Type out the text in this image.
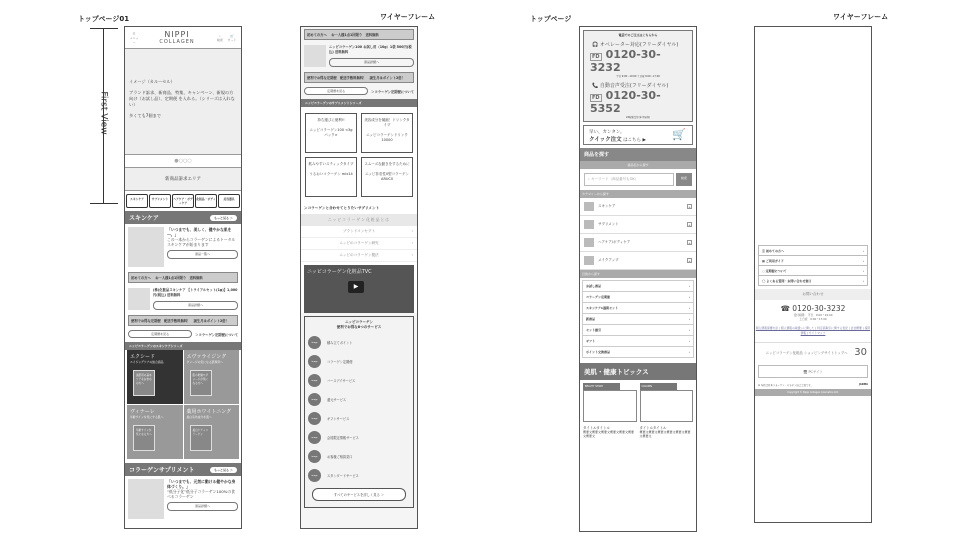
トップページ01	ワイヤーフレーム	トップページ	ワイヤーフレーム
First View
☰
メニュー
NIPPI
COLLAGEN
⌕
検索
🛒
カート

イメージ（カルーセル）

ブランド訴求、新商品、特集、キャンペーン、新規の方向け（お試し品）、定期便 を入れる。（シリーズは入れない）

多くても7個まで

●○○○
新商品訴求エリア
スキンケア	サプリメント	ヘアケア・ボディケア
化粧品・ボディ	美容器具
スキンケア	もっと見る ＞
「いつまでも、美しく、健やかな肌を一。」
この一本からコラーゲンによるトータルスキンケアが始まります
商品一覧へ
初めての方へ　 お一人様1点1回限り　送料無料
(株)化粧品スキンケア 【トライアルセット(1g)】1,000円(税込) 送料無料
商品詳細へ
便利でお得な定期便　配送手数料無料！　誕生月はポイント2倍！
定期便を見る	＞コラーゲン定期便について
ニッピコラーゲンのスキンケアシリーズ
エクシード
エイジングケアの総合商品
美肌用の基本ケアをお求めの方へ
エヴァライジング
ダメージの気になる肌専用へ
肌の乾燥やダメージが気になる方へ
ヴィナーレ
年齢サインを気にする肌へ
年齢サインが気になる方へ
薬用ホワイトニング
美白有効成分を肌へ
美白ケア＋コラーゲン
コラーゲンサプリメント	もっと見る ＞
「いつまでも、元気に動ける健やかな身体づくり。」
“低分子化”低分子コラーゲン100%の食べるコラーゲン
商品詳細へ
初めての方へ　 お一人様1点1回限り　送料無料
ニッピコラーゲン100 お試し用（10g）1袋 500円(税込) 送料無料
商品詳細へ
便利でお得な定期便　配送手数料無料！　誕生月はポイント2倍！
定期便を見る	＞コラーゲン定期便について
ニッピコラーゲンのサプリメントシリーズ
持ち運びに便利!!

ニッピコラーゲン100 <3gパック>
美容成分を凝縮！ドリンクタイプ

ニッピコラーゲンドリンク10000
飲みやすいスティックタイプ

うるおいコラーゲン mix14
スムーズな動きをするために

ニッピ非変性II型コラーゲンARUCII
＞コラーゲンと合わせてとりたいサプリメント
ニッピコラーゲン化粧品とは
ブランドコンセプト ›
ニッピのコラーゲン研究 ›
ニッピのコラーゲン製法 ›
ニッピコラーゲン化粧品TVC
▶
ニッピコラーゲン
便利でお得な8つのサービス
image	積み立てポイント
image	コラーゲン定期便
image	バースデイサービス
image	還元サービス
image	ギフトサービス
image	会員限定情報サービス
image	お客様ご相談窓口
image	スタンダードサービス
すべてのサービスを詳しく見る ＞
電話でのご注文はこちらから
🎧 オペレーター対応(フリーダイヤル)
FD 0120-30-3232
平日 9:00〜19:00 土日祝 9:00〜17:00
📞 自動音声受注(フリーダイヤル)
FD 0120-30-5352
24時間受付(年中無休)
早い、カンタン。
クイック注文 はこちら ▶	🛒
商品を探す
商品名から探す
⌕ キーワード（商品番号もOK）	検索
カテゴリーから探す
スキンケア	+
サプリメント	+
ヘアケア/ボディケア	+
メイクアップ	+
目的から探す
お試し商品	›
コラーゲン定期便	›
スキンケア1週間セット	›
新商品	›
セット割引	›
ギフト	›
ポイント交換商品	›
美肌・健康トピックス
BEAUTY STORY
タイトルタイトル
概要文概要文概要文概要文概要文概要文概要文
COLUMN
タイトルタイトル
概要文概要文概要文概要文概要文概要文概要文
ⓘ 初めての方へ	›
▦ ご利用ガイド	›
◌ 定期便について	›
◯ よくある質問・お問い合わせ窓口	›
お問い合わせ
☎ 0120-30-3232
受付時間： 平日　9:00〜19:00
土日祝　9:00〜17:00
個人情報保護方針 | 個人情報の取扱いに関して | 特定商取引に関する表記 | 会社概要 | 採用情報 | サイトマップ
ニッピコラーゲン化粧品 ショッピングサイトトップへ 30
🖥 PCサイト
※ 当社は日本コラーゲン・ゼラチン協会会員です。	JADMA
Copyright © Nippi Collagen Cosmetics Ltd.
